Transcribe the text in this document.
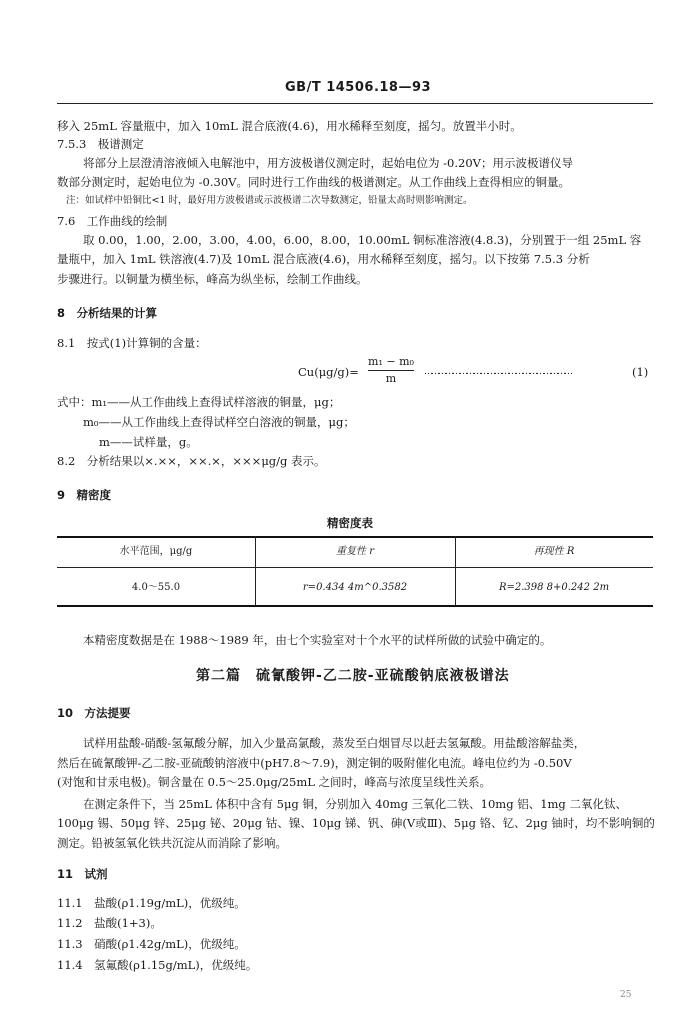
GB/T 14506.18—93
移入 25mL 容量瓶中，加入 10mL 混合底液(4.6)，用水稀释至刻度，摇匀。放置半小时。
7.5.3　极谱测定
将部分上层澄清溶液倾入电解池中，用方波极谱仪测定时，起始电位为 -0.20V；用示波极谱仪导
数部分测定时，起始电位为 -0.30V。同时进行工作曲线的极谱测定。从工作曲线上查得相应的铜量。
注：如试样中铅铜比<1 时，最好用方波极谱或示波极谱二次导数测定，铅量太高时则影响测定。
7.6　工作曲线的绘制
取 0.00，1.00，2.00，3.00，4.00，6.00，8.00，10.00mL 铜标准溶液(4.8.3)，分别置于一组 25mL 容
量瓶中，加入 1mL 铁溶液(4.7)及 10mL 混合底液(4.6)，用水稀释至刻度，摇匀。以下按第 7.5.3 分析
步骤进行。以铜量为横坐标，峰高为纵坐标，绘制工作曲线。
8　分析结果的计算
8.1　按式(1)计算铜的含量：
Cu(μg/g)=
m₁ − m₀
m	………………………………………………………	(1)
式中：m₁——从工作曲线上查得试样溶液的铜量，μg；
m₀——从工作曲线上查得试样空白溶液的铜量，μg；
m——试样量，g。
8.2　分析结果以×.××，××.×，×××μg/g 表示。
9　精密度
精密度表
水平范围，μg/g	重复性 r	再现性 R
4.0～55.0	r=0.434 4m^0.3582	R=2.398 8+0.242 2m
本精密度数据是在 1988～1989 年，由七个实验室对十个水平的试样所做的试验中确定的。
第二篇　硫氰酸钾-乙二胺-亚硫酸钠底液极谱法
10　方法提要
试样用盐酸-硝酸-氢氟酸分解，加入少量高氯酸，蒸发至白烟冒尽以赶去氢氟酸。用盐酸溶解盐类，
然后在硫氰酸钾-乙二胺-亚硫酸钠溶液中(pH7.8～7.9)，测定铜的吸附催化电流。峰电位约为 -0.50V
(对饱和甘汞电极)。铜含量在 0.5～25.0μg/25mL 之间时，峰高与浓度呈线性关系。
在测定条件下，当 25mL 体积中含有 5μg 铜，分别加入 40mg 三氧化二铁、10mg 铝、1mg 二氧化钛、
100μg 锡、50μg 锌、25μg 铋、20μg 钴、镍、10μg 锑、钒、砷(Ⅴ或Ⅲ)、5μg 铬、钇、2μg 铀时，均不影响铜的
测定。铅被氢氧化铁共沉淀从而消除了影响。
11　试剂
11.1　盐酸(ρ1.19g/mL)，优级纯。
11.2　盐酸(1+3)。
11.3　硝酸(ρ1.42g/mL)，优级纯。
11.4　氢氟酸(ρ1.15g/mL)，优级纯。
25
